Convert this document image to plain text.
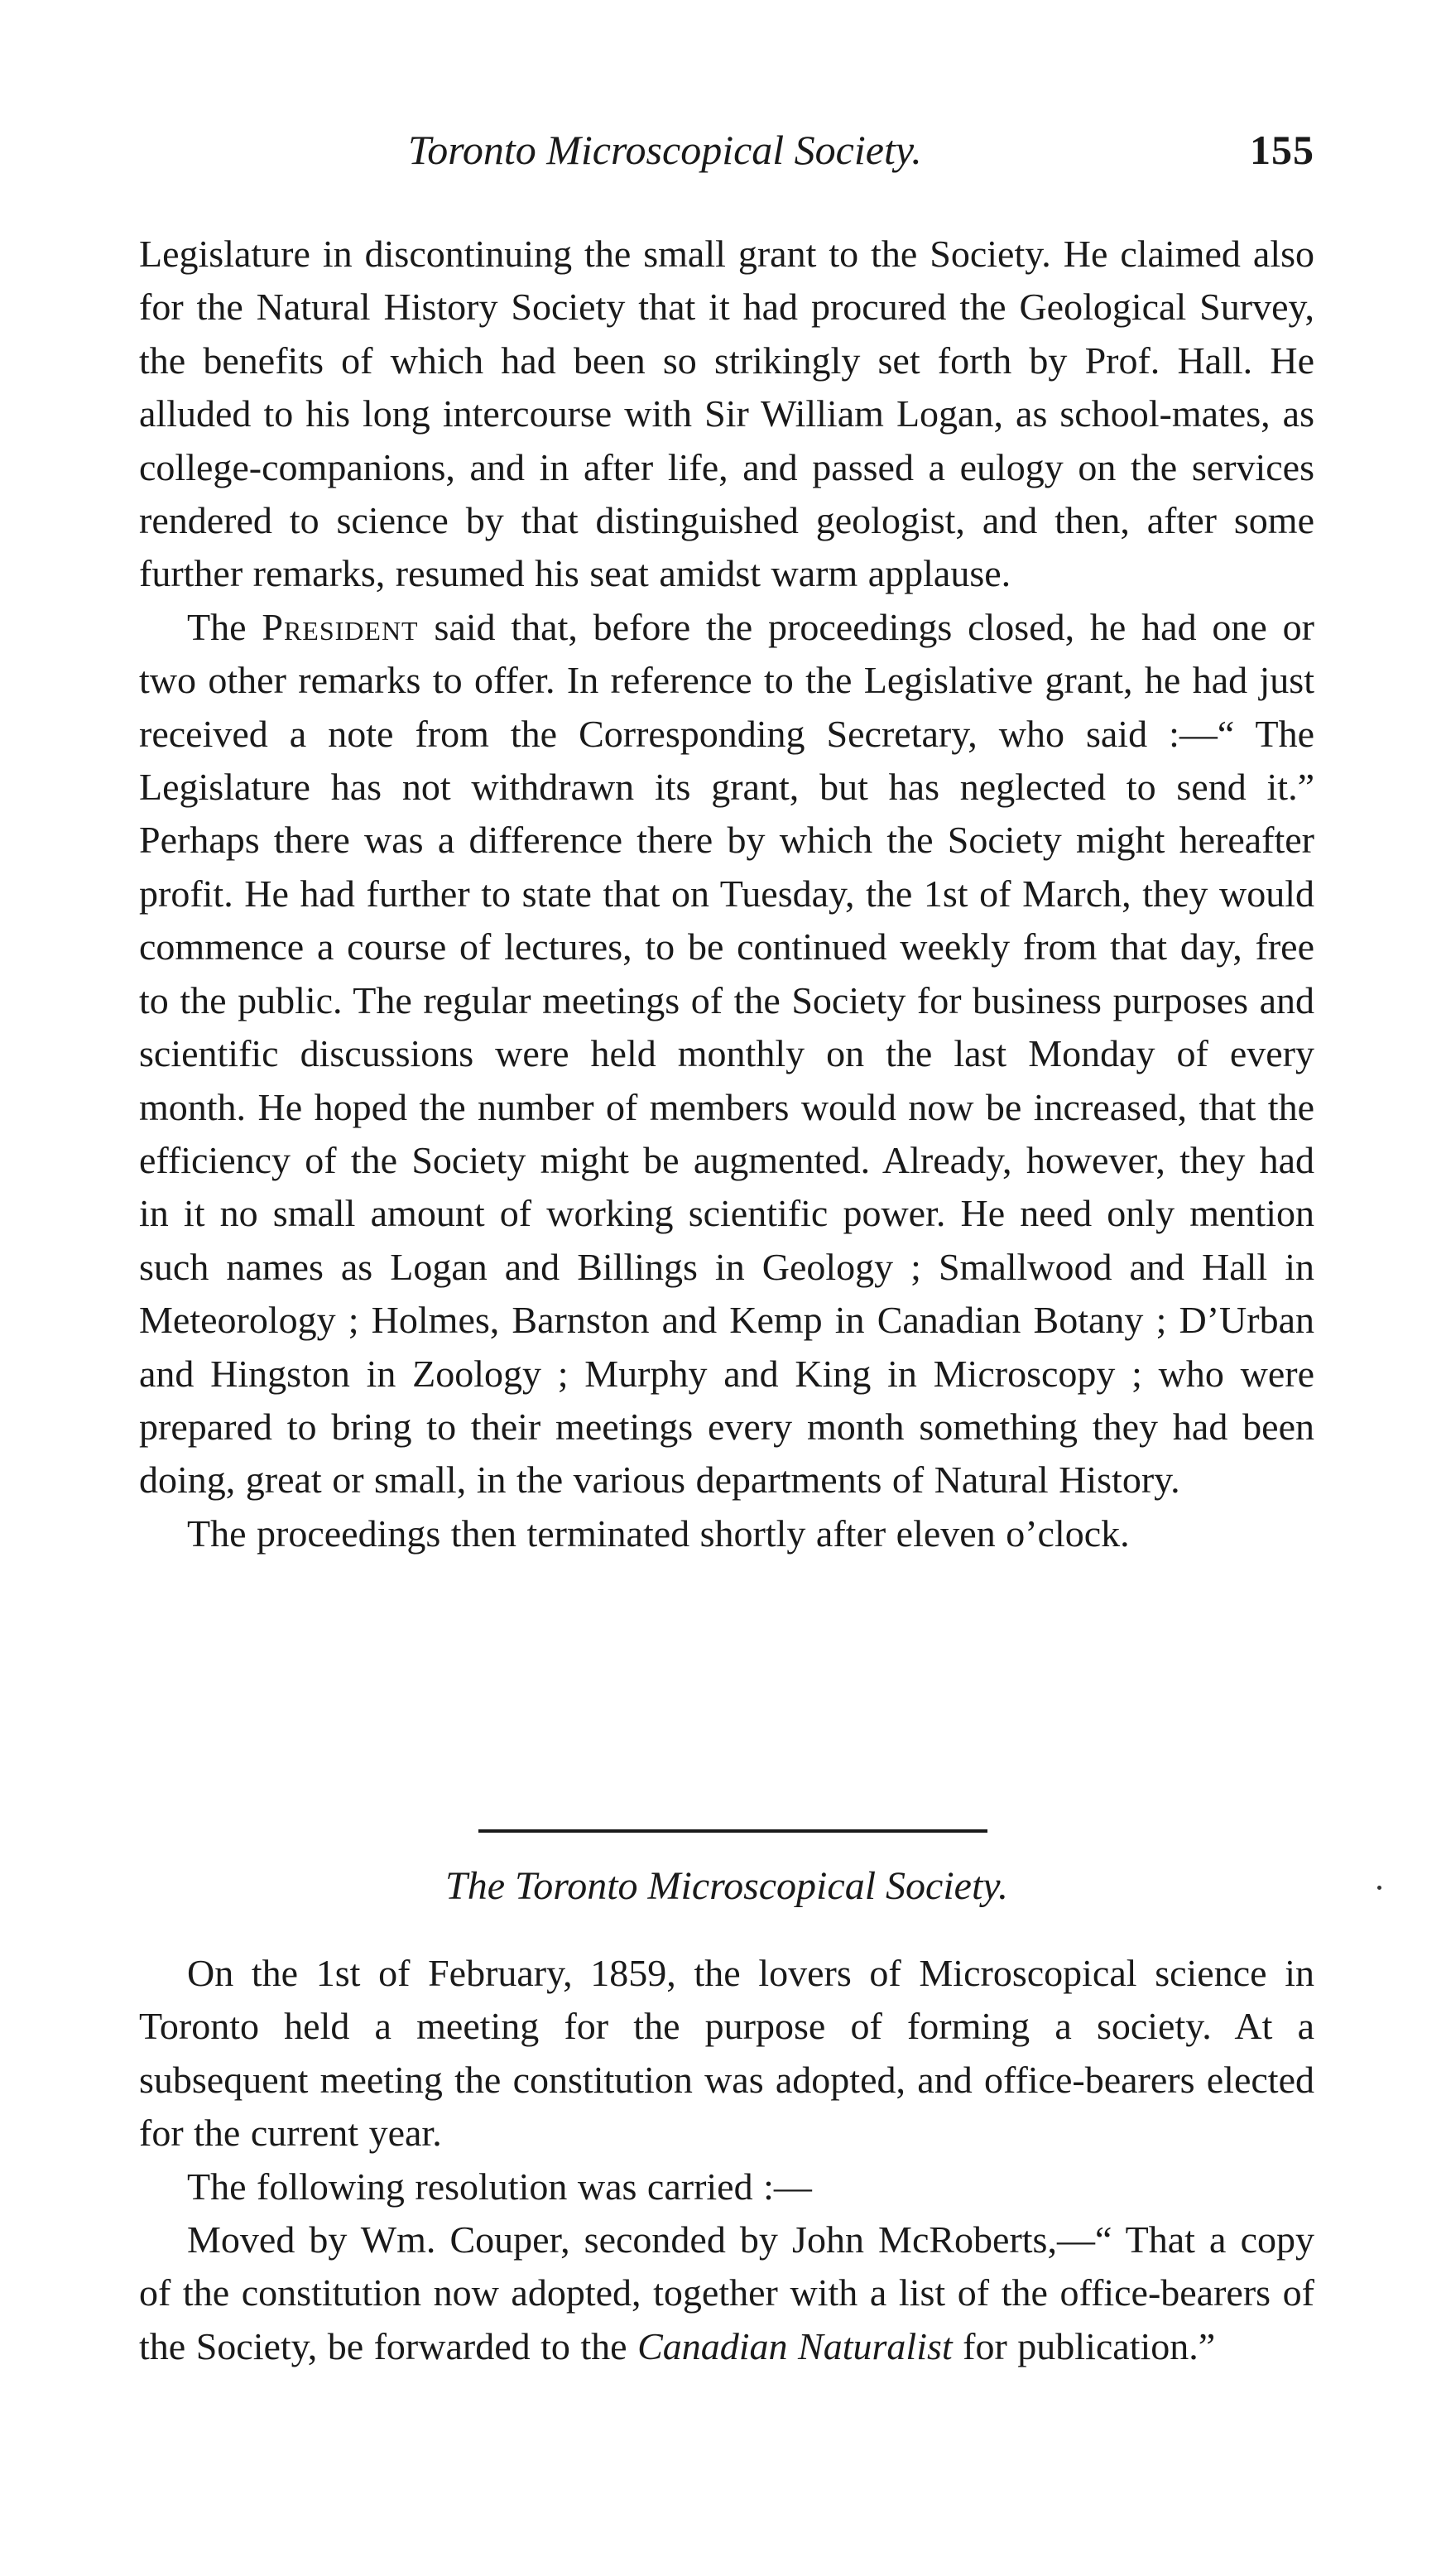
Toronto Microscopical Society.	155

Legislature in discontinuing the small grant to the Society. He claimed also for the Natural History Society that it had procured the Geological Survey, the benefits of which had been so strikingly set forth by Prof. Hall. He alluded to his long intercourse with Sir William Logan, as school-mates, as college-companions, and in after life, and passed a eulogy on the services rendered to science by that distinguished geologist, and then, after some further remarks, resumed his seat amidst warm applause.

The President said that, before the proceedings closed, he had one or two other remarks to offer. In reference to the Legislative grant, he had just received a note from the Corresponding Secretary, who said :—“ The Legislature has not withdrawn its grant, but has neglected to send it.” Perhaps there was a difference there by which the Society might hereafter profit. He had further to state that on Tuesday, the 1st of March, they would commence a course of lectures, to be continued weekly from that day, free to the public. The regular meetings of the Society for business purposes and scientific discussions were held monthly on the last Monday of every month. He hoped the number of members would now be increased, that the efficiency of the Society might be augmented. Already, however, they had in it no small amount of working scientific power. He need only mention such names as Logan and Billings in Geology ; Smallwood and Hall in Meteorology ; Holmes, Barnston and Kemp in Canadian Botany ; D’Urban and Hingston in Zoology ; Murphy and King in Microscopy ; who were prepared to bring to their meetings every month something they had been doing, great or small, in the various departments of Natural History.

The proceedings then terminated shortly after eleven o’clock.

The Toronto Microscopical Society.

On the 1st of February, 1859, the lovers of Microscopical science in Toronto held a meeting for the purpose of forming a society. At a subsequent meeting the constitution was adopted, and office-bearers elected for the current year.

The following resolution was carried :—

Moved by Wm. Couper, seconded by John McRoberts,—“ That a copy of the constitution now adopted, together with a list of the office-bearers of the Society, be forwarded to the Canadian Naturalist for publication.”
